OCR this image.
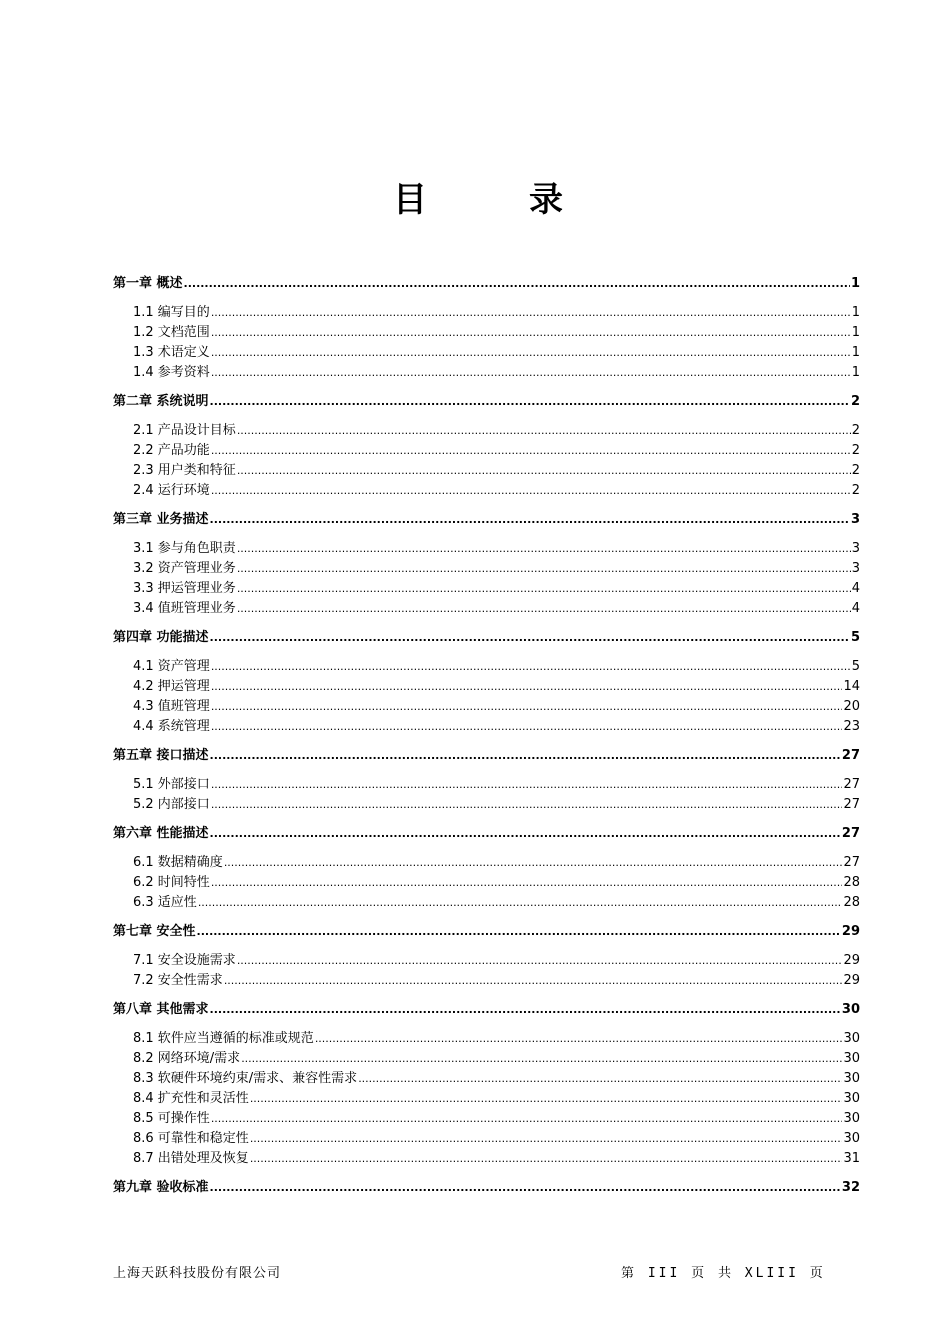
目　录
第一章 概述 .....	1
1.1 编写目的 .....	1
1.2 文档范围 .....	1
1.3 术语定义 .....	1
1.4 参考资料 .....	1
第二章 系统说明 .....	2
2.1 产品设计目标 .....	2
2.2 产品功能 .....	2
2.3 用户类和特征 .....	2
2.4 运行环境 .....	2
第三章 业务描述 .....	3
3.1 参与角色职责 .....	3
3.2 资产管理业务 .....	3
3.3 押运管理业务 .....	4
3.4 值班管理业务 .....	4
第四章 功能描述 .....	5
4.1 资产管理 .....	5
4.2 押运管理 .....	14
4.3 值班管理 .....	20
4.4 系统管理 .....	23
第五章 接口描述 .....	27
5.1 外部接口 .....	27
5.2 内部接口 .....	27
第六章 性能描述 .....	27
6.1 数据精确度 .....	27
6.2 时间特性 .....	28
6.3 适应性 .....	28
第七章 安全性 .....	29
7.1 安全设施需求 .....	29
7.2 安全性需求 .....	29
第八章 其他需求 .....	30
8.1 软件应当遵循的标准或规范 .....	30
8.2 网络环境/需求 .....	30
8.3 软硬件环境约束/需求、兼容性需求 .....	30
8.4 扩充性和灵活性 .....	30
8.5 可操作性 .....	30
8.6 可靠性和稳定性 .....	30
8.7 出错处理及恢复 .....	31
第九章 验收标准 .....	32
上海天跃科技股份有限公司	第 III 页 共 XLIII 页
